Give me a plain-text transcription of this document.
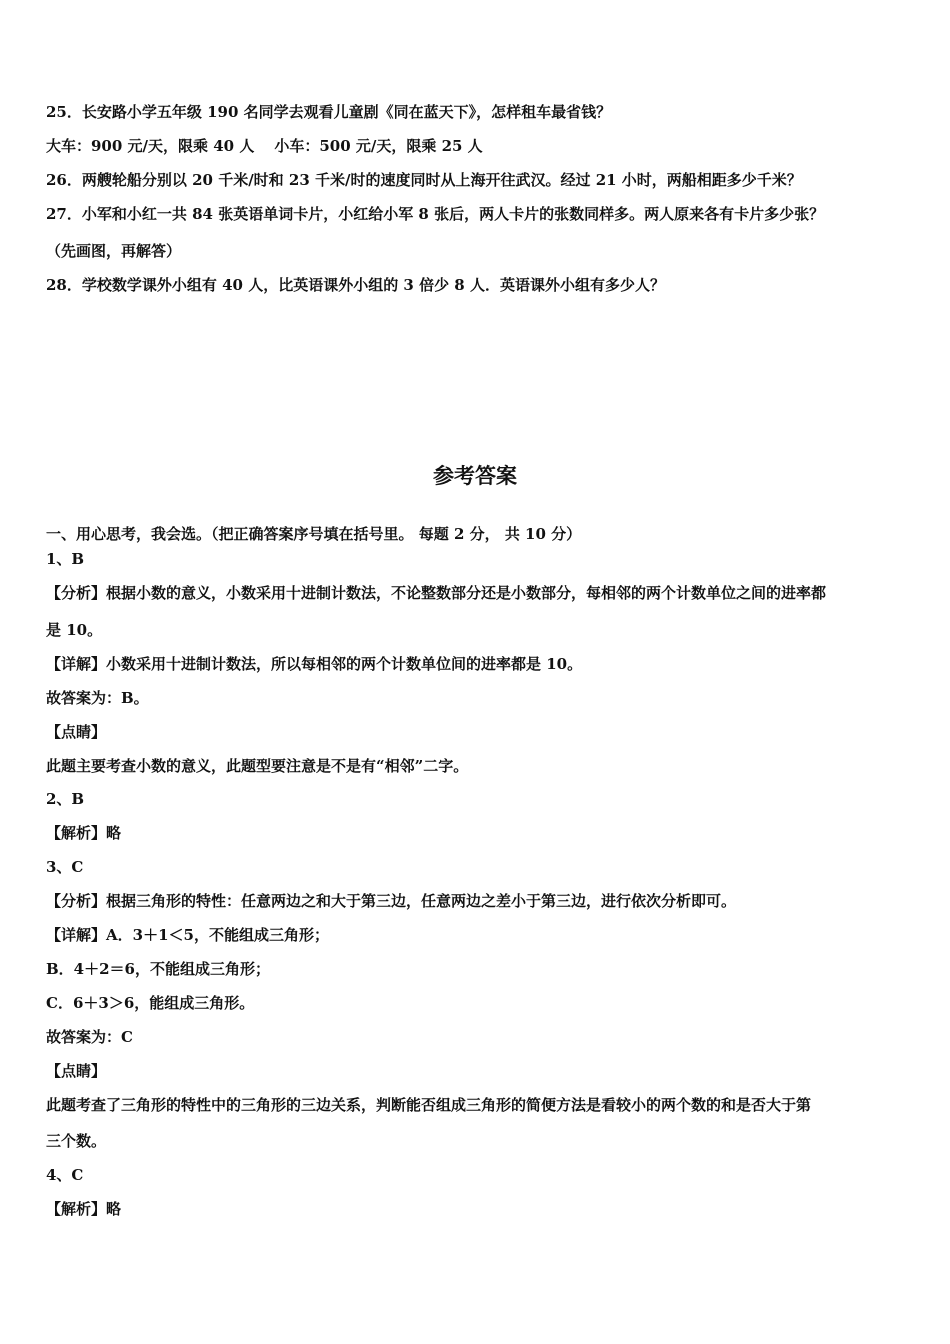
25．长安路小学五年级 190 名同学去观看儿童剧《同在蓝天下》，怎样租车最省钱？
大车：900 元/天，限乘 40 人 小车：500 元/天，限乘 25 人
26．两艘轮船分别以 20 千米/时和 23 千米/时的速度同时从上海开往武汉。经过 21 小时，两船相距多少千米？
27．小军和小红一共 84 张英语单词卡片，小红给小军 8 张后，两人卡片的张数同样多。两人原来各有卡片多少张？
（先画图，再解答）
28．学校数学课外小组有 40 人，比英语课外小组的 3 倍少 8 人．英语课外小组有多少人？
参考答案
一、用心思考，我会选。（把正确答案序号填在括号里。 每题 2 分， 共 10 分）
1、B
【分析】根据小数的意义，小数采用十进制计数法，不论整数部分还是小数部分，每相邻的两个计数单位之间的进率都
是 10。
【详解】小数采用十进制计数法，所以每相邻的两个计数单位间的进率都是 10。
故答案为：B。
【点睛】
此题主要考查小数的意义，此题型要注意是不是有“相邻”二字。
2、B
【解析】略
3、C
【分析】根据三角形的特性：任意两边之和大于第三边，任意两边之差小于第三边，进行依次分析即可。
【详解】A．3＋1＜5，不能组成三角形；
B．4＋2＝6，不能组成三角形；
C．6＋3＞6，能组成三角形。
故答案为：C
【点睛】
此题考查了三角形的特性中的三角形的三边关系，判断能否组成三角形的简便方法是看较小的两个数的和是否大于第
三个数。
4、C
【解析】略
